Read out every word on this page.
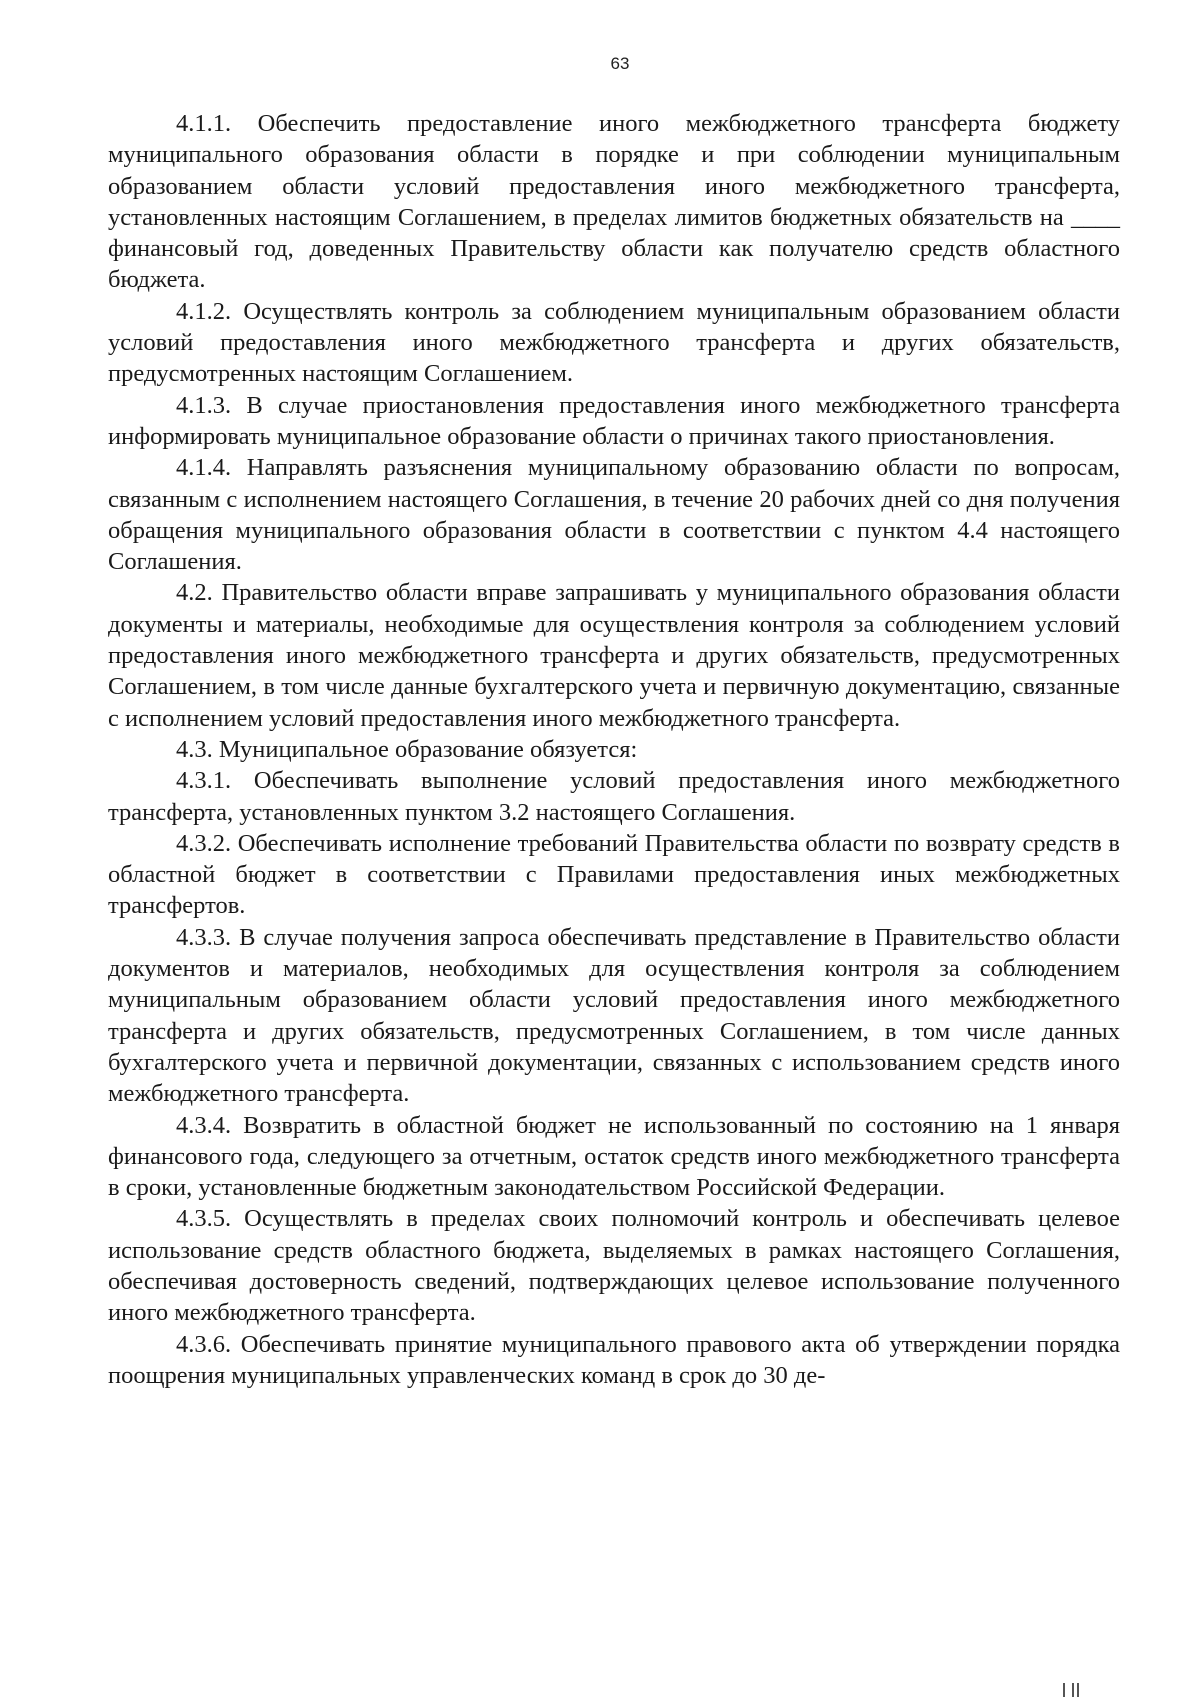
63

4.1.1. Обеспечить предоставление иного межбюджетного трансферта бюджету муниципального образования области в порядке и при соблюдении муниципальным образованием области условий предоставления иного межбюджетного трансферта, установленных настоящим Соглашением, в пределах лимитов бюджетных обязательств на ____ финансовый год, доведенных Правительству области как получателю средств областного бюджета.

4.1.2. Осуществлять контроль за соблюдением муниципальным образованием области условий предоставления иного межбюджетного трансферта и других обязательств, предусмотренных настоящим Соглашением.

4.1.3. В случае приостановления предоставления иного межбюджетного трансферта информировать муниципальное образование области о причинах такого приостановления.

4.1.4. Направлять разъяснения муниципальному образованию области по вопросам, связанным с исполнением настоящего Соглашения, в течение 20 рабочих дней со дня получения обращения муниципального образования области в соответствии с пунктом 4.4 настоящего Соглашения.

4.2. Правительство области вправе запрашивать у муниципального образования области документы и материалы, необходимые для осуществления контроля за соблюдением условий предоставления иного межбюджетного трансферта и других обязательств, предусмотренных Соглашением, в том числе данные бухгалтерского учета и первичную документацию, связанные с исполнением условий предоставления иного межбюджетного трансферта.

4.3. Муниципальное образование обязуется:

4.3.1. Обеспечивать выполнение условий предоставления иного межбюджетного трансферта, установленных пунктом 3.2 настоящего Соглашения.

4.3.2. Обеспечивать исполнение требований Правительства области по возврату средств в областной бюджет в соответствии с Правилами предоставления иных межбюджетных трансфертов.

4.3.3. В случае получения запроса обеспечивать представление в Правительство области документов и материалов, необходимых для осуществления контроля за соблюдением муниципальным образованием области условий предоставления иного межбюджетного трансферта и других обязательств, предусмотренных Соглашением, в том числе данных бухгалтерского учета и первичной документации, связанных с использованием средств иного межбюджетного трансферта.

4.3.4. Возвратить в областной бюджет не использованный по состоянию на 1 января финансового года, следующего за отчетным, остаток средств иного межбюджетного трансферта в сроки, установленные бюджетным законодательством Российской Федерации.

4.3.5. Осуществлять в пределах своих полномочий контроль и обеспечивать целевое использование средств областного бюджета, выделяемых в рамках настоящего Соглашения, обеспечивая достоверность сведений, подтверждающих целевое использование полученного иного межбюджетного трансферта.

4.3.6. Обеспечивать принятие муниципального правового акта об утверждении порядка поощрения муниципальных управленческих команд в срок до 30 де-
